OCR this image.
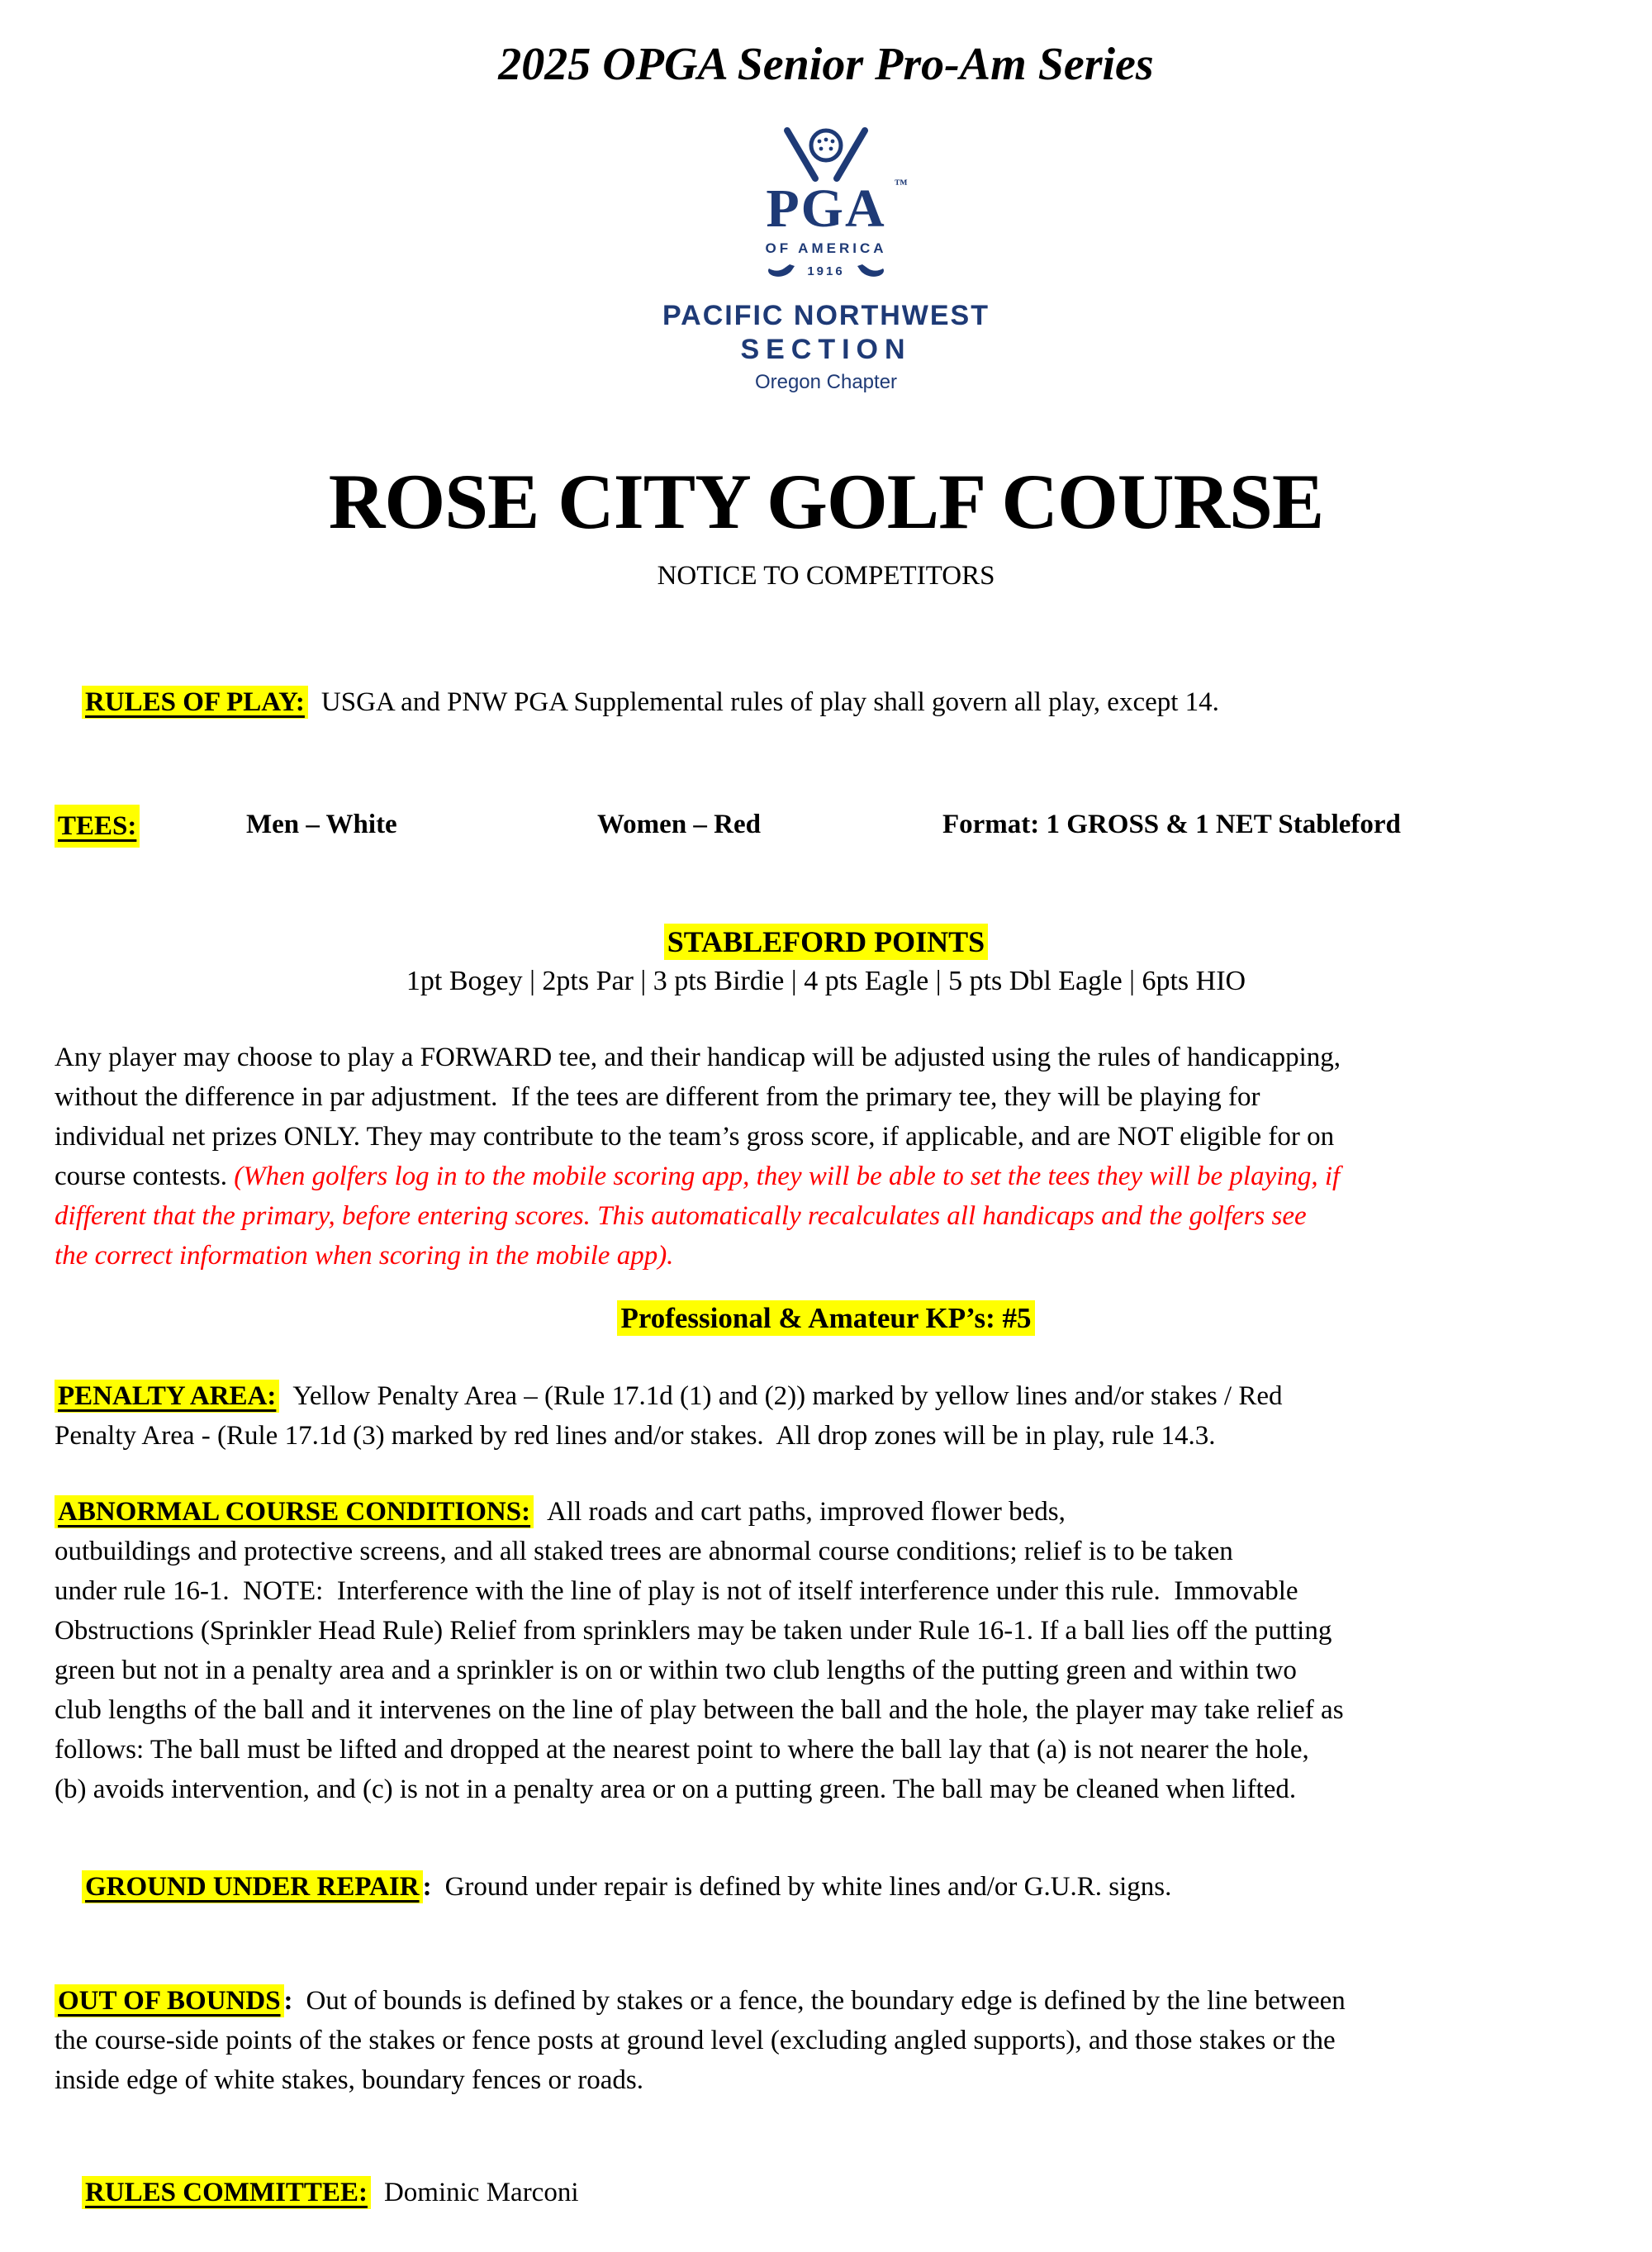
2025 OPGA Senior Pro-Am Series
PGA ™
OF AMERICA
1916
PACIFIC NORTHWEST
SECTION
Oregon Chapter
ROSE CITY GOLF COURSE
NOTICE TO COMPETITORS

RULES OF PLAY: USGA and PNW PGA Supplemental rules of play shall govern all play, except 14.

TEES:	Men – White	Women – Red	Format: 1 GROSS & 1 NET Stableford
STABLEFORD POINTS
1pt Bogey | 2pts Par | 3 pts Birdie | 4 pts Eagle | 5 pts Dbl Eagle | 6pts HIO
Any player may choose to play a FORWARD tee, and their handicap will be adjusted using the rules of handicapping,
without the difference in par adjustment.  If the tees are different from the primary tee, they will be playing for
individual net prizes ONLY. They may contribute to the team’s gross score, if applicable, and are NOT eligible for on
course contests. (When golfers log in to the mobile scoring app, they will be able to set the tees they will be playing, if
different that the primary, before entering scores. This automatically recalculates all handicaps and the golfers see
the correct information when scoring in the mobile app).
Professional & Amateur KP’s: #5
PENALTY AREA: Yellow Penalty Area – (Rule 17.1d (1) and (2)) marked by yellow lines and/or stakes / Red
Penalty Area - (Rule 17.1d (3) marked by red lines and/or stakes.  All drop zones will be in play, rule 14.3.
ABNORMAL COURSE CONDITIONS: All roads and cart paths, improved flower beds,
outbuildings and protective screens, and all staked trees are abnormal course conditions; relief is to be taken
under rule 16-1.  NOTE:  Interference with the line of play is not of itself interference under this rule.  Immovable
Obstructions (Sprinkler Head Rule) Relief from sprinklers may be taken under Rule 16-1. If a ball lies off the putting
green but not in a penalty area and a sprinkler is on or within two club lengths of the putting green and within two
club lengths of the ball and it intervenes on the line of play between the ball and the hole, the player may take relief as
follows: The ball must be lifted and dropped at the nearest point to where the ball lay that (a) is not nearer the hole,
(b) avoids intervention, and (c) is not in a penalty area or on a putting green. The ball may be cleaned when lifted.

GROUND UNDER REPAIR : Ground under repair is defined by white lines and/or G.U.R. signs.

OUT OF BOUNDS : Out of bounds is defined by stakes or a fence, the boundary edge is defined by the line between
the course-side points of the stakes or fence posts at ground level (excluding angled supports), and those stakes or the
inside edge of white stakes, boundary fences or roads.

RULES COMMITTEE: Dominic Marconi
